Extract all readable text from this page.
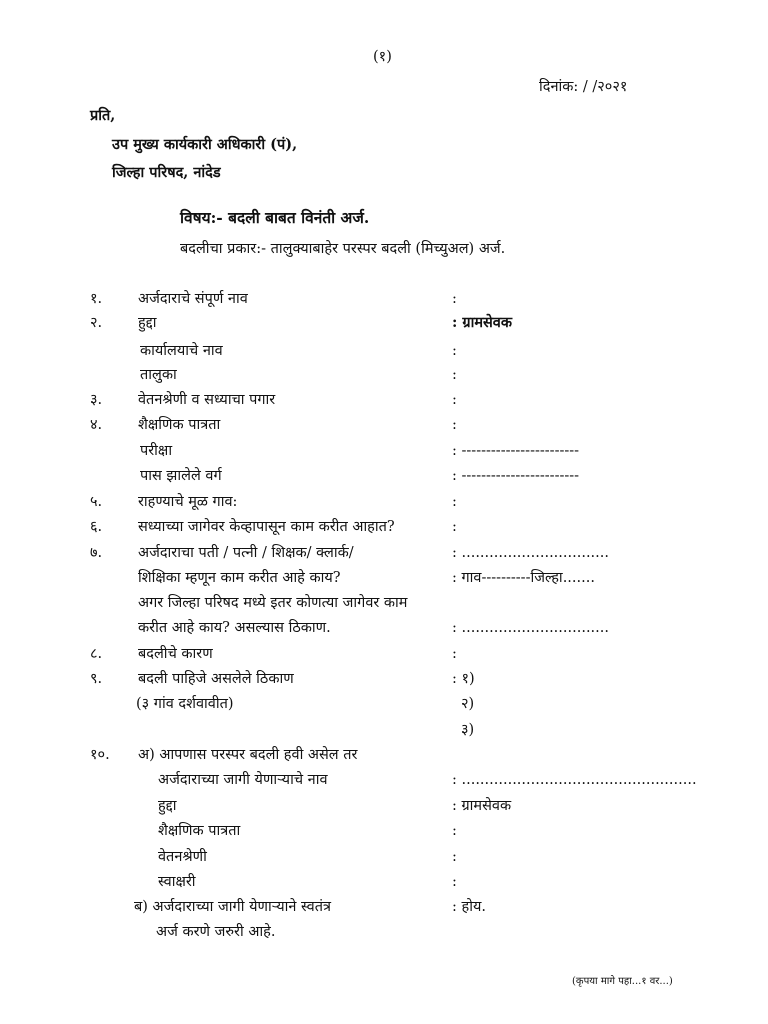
(१)
दिनांक: / /२०२१
प्रति,
उप मुख्य कार्यकारी अधिकारी (पं),
जिल्हा परिषद, नांदेड
विषय:- बदली बाबत विनंती अर्ज.
बदलीचा प्रकार:- तालुक्याबाहेर परस्पर बदली (मिच्युअल) अर्ज.
१. अर्जदाराचे संपूर्ण नाव	:
२. हुद्दा	: ग्रामसेवक
कार्यालयाचे नाव	:
तालुका	:
३. वेतनश्रेणी व सध्याचा पगार	:
४. शैक्षणिक पात्रता	:
परीक्षा	: ------------------------
पास झालेले वर्ग	: ------------------------
५. राहण्याचे मूळ गाव:	:
६. सध्याच्या जागेवर केव्हापासून काम करीत आहात?	:
७. अर्जदाराचा पती / पत्नी / शिक्षक/ क्लार्क/	: ................................
शिक्षिका म्हणून काम करीत आहे काय?	: गाव----------जिल्हा.......
अगर जिल्हा परिषद मध्ये इतर कोणत्या जागेवर काम
करीत आहे काय? असल्यास ठिकाण.	: ................................
८. बदलीचे कारण	:
९. बदली पाहिजे असलेले ठिकाण	: १)
(३ गांव दर्शवावीत)	२)
३)
१०. अ) आपणास परस्पर बदली हवी असेल तर
अर्जदाराच्या जागी येणाऱ्याचे नाव	: ...................................................
हुद्दा	: ग्रामसेवक
शैक्षणिक पात्रता	:
वेतनश्रेणी	:
स्वाक्षरी	:
ब) अर्जदाराच्या जागी येणाऱ्याने स्वतंत्र	: होय.
अर्ज करणे जरुरी आहे.
(कृपया मागे पहा...१ वर...)
